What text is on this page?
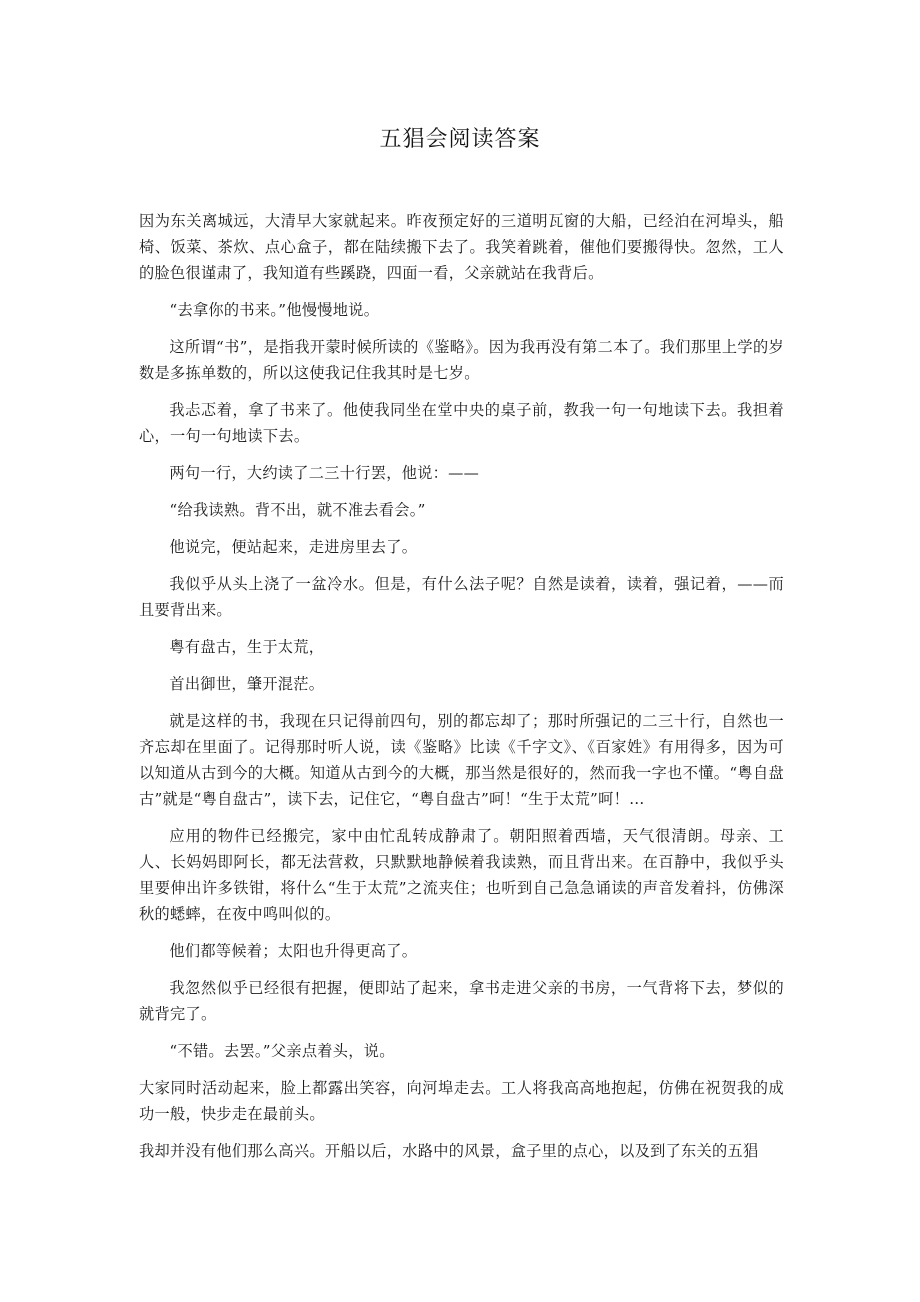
五猖会阅读答案

因为东关离城远，大清早大家就起来。昨夜预定好的三道明瓦窗的大船，已经泊在河埠头，船椅、饭菜、茶炊、点心盒子，都在陆续搬下去了。我笑着跳着，催他们要搬得快。忽然，工人的脸色很谨肃了，我知道有些蹊跷，四面一看，父亲就站在我背后。

“去拿你的书来。”他慢慢地说。

这所谓“书”，是指我开蒙时候所读的《鉴略》。因为我再没有第二本了。我们那里上学的岁数是多拣单数的，所以这使我记住我其时是七岁。

我忐忑着，拿了书来了。他使我同坐在堂中央的桌子前，教我一句一句地读下去。我担着心，一句一句地读下去。

两句一行，大约读了二三十行罢，他说：——

“给我读熟。背不出，就不准去看会。”

他说完，便站起来，走进房里去了。

我似乎从头上浇了一盆冷水。但是，有什么法子呢？自然是读着，读着，强记着，——而且要背出来。

粤有盘古，生于太荒，

首出御世，肇开混茫。

就是这样的书，我现在只记得前四句，别的都忘却了；那时所强记的二三十行，自然也一齐忘却在里面了。记得那时听人说，读《鉴略》比读《千字文》、《百家姓》有用得多，因为可以知道从古到今的大概。知道从古到今的大概，那当然是很好的，然而我一字也不懂。“粤自盘古”就是“粤自盘古”，读下去，记住它，“粤自盘古”呵！“生于太荒”呵！…

应用的物件已经搬完，家中由忙乱转成静肃了。朝阳照着西墙，天气很清朗。母亲、工人、长妈妈即阿长，都无法营救，只默默地静候着我读熟，而且背出来。在百静中，我似乎头里要伸出许多铁钳，将什么“生于太荒”之流夹住；也听到自己急急诵读的声音发着抖，仿佛深秋的蟋蟀，在夜中鸣叫似的。

他们都等候着；太阳也升得更高了。

我忽然似乎已经很有把握，便即站了起来，拿书走进父亲的书房，一气背将下去，梦似的就背完了。

“不错。去罢。”父亲点着头，说。

大家同时活动起来，脸上都露出笑容，向河埠走去。工人将我高高地抱起，仿佛在祝贺我的成功一般，快步走在最前头。

我却并没有他们那么高兴。开船以后，水路中的风景，盒子里的点心，以及到了东关的五猖
